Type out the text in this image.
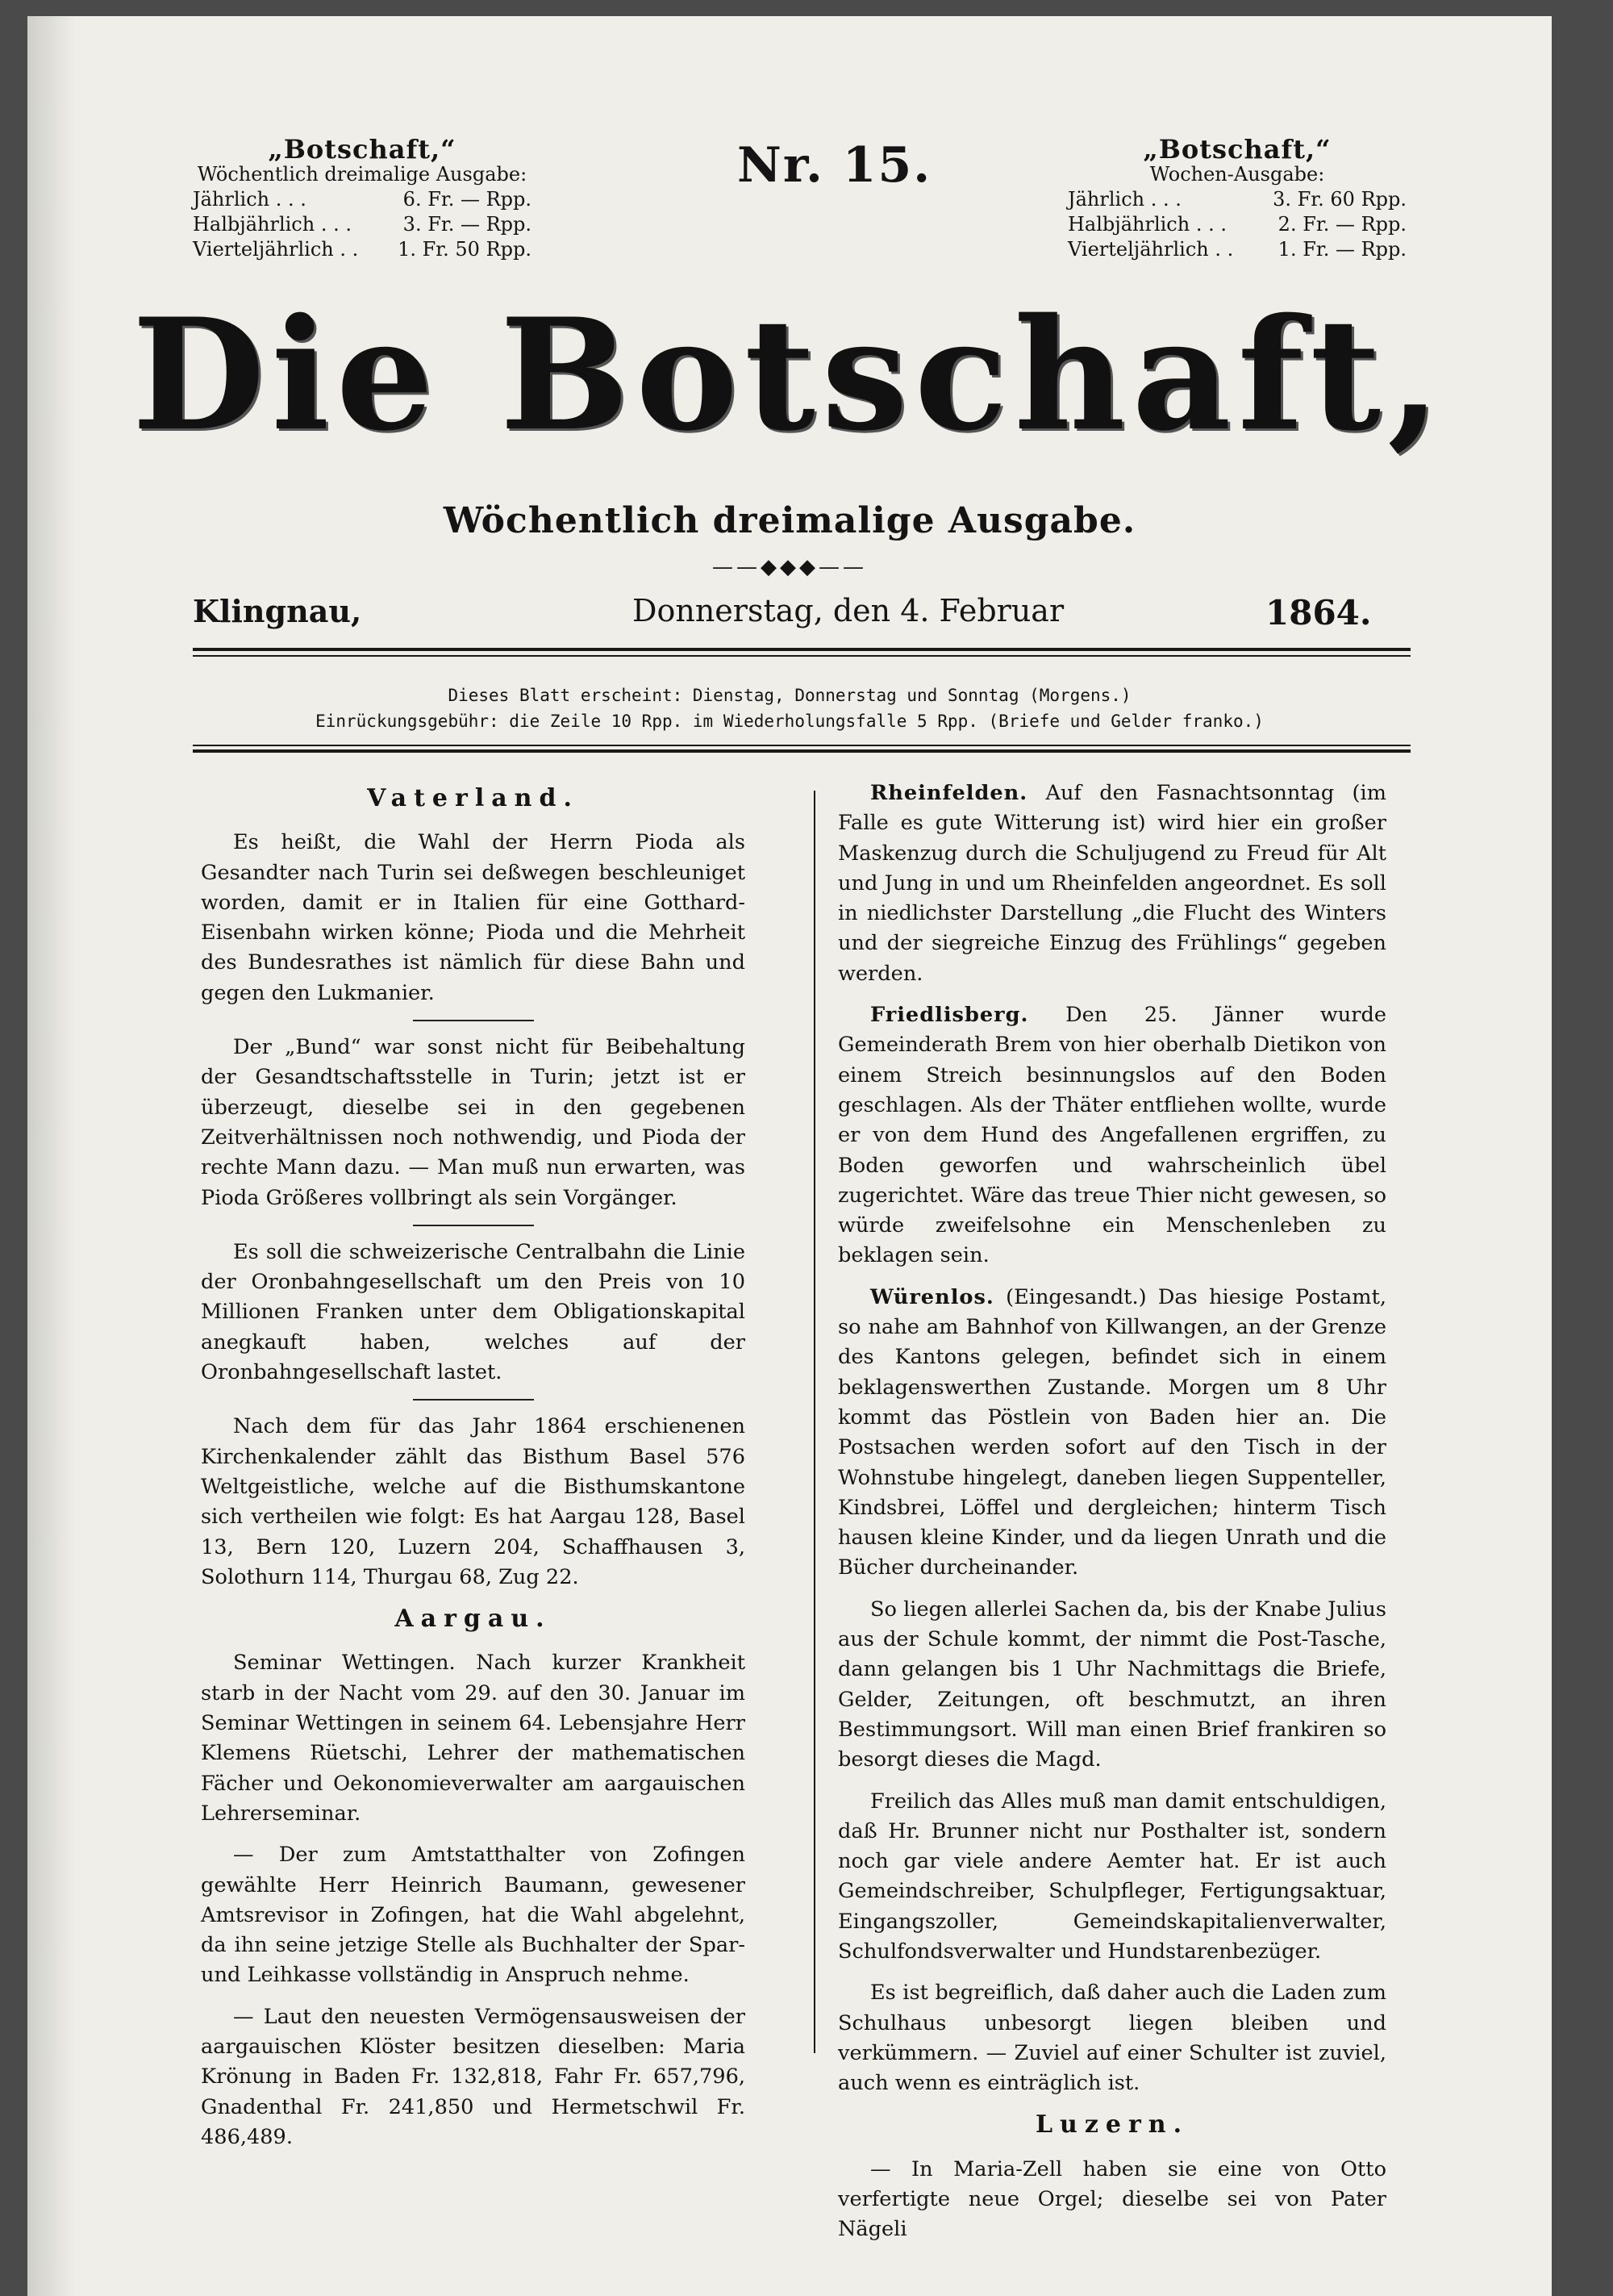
„Botschaft,“
Wöchentlich dreimalige Ausgabe:
Jährlich . . .	6. Fr. — Rpp.
Halbjährlich . . .	3. Fr. — Rpp.
Vierteljährlich . .	1. Fr. 50 Rpp.
Nr. 15.	„Botschaft,“
Wochen-Ausgabe:
Jährlich . . .	3. Fr. 60 Rpp.
Halbjährlich . . .	2. Fr. — Rpp.
Vierteljährlich . .	1. Fr. — Rpp.
Die Botschaft,
Wöchentlich dreimalige Ausgabe.
——◆◆◆——
Klingnau,	Donnerstag, den 4. Februar	1864.
Dieses Blatt erscheint: Dienstag, Donnerstag und Sonntag (Morgens.)
Einrückungsgebühr: die Zeile 10 Rpp. im Wiederholungsfalle 5 Rpp. (Briefe und Gelder franko.)
Vaterland.

Es heißt, die Wahl der Herrn Pioda als Gesandter nach Turin sei deßwegen beschleuniget worden, damit er in Italien für eine Gotthard-Eisenbahn wirken könne; Pioda und die Mehrheit des Bundesrathes ist nämlich für diese Bahn und gegen den Lukmanier.

Der „Bund“ war sonst nicht für Beibehaltung der Gesandtschaftsstelle in Turin; jetzt ist er überzeugt, dieselbe sei in den gegebenen Zeitverhältnissen noch nothwendig, und Pioda der rechte Mann dazu. — Man muß nun erwarten, was Pioda Größeres vollbringt als sein Vorgänger.

Es soll die schweizerische Centralbahn die Linie der Oronbahngesellschaft um den Preis von 10 Millionen Franken unter dem Obligationskapital anegkauft haben, welches auf der Oronbahngesellschaft lastet.

Nach dem für das Jahr 1864 erschienenen Kirchenkalender zählt das Bisthum Basel 576 Weltgeistliche, welche auf die Bisthumskantone sich vertheilen wie folgt: Es hat Aargau 128, Basel 13, Bern 120, Luzern 204, Schaffhausen 3, Solothurn 114, Thurgau 68, Zug 22.

Aargau.

Seminar Wettingen. Nach kurzer Krankheit starb in der Nacht vom 29. auf den 30. Januar im Seminar Wettingen in seinem 64. Lebensjahre Herr Klemens Rüetschi, Lehrer der mathematischen Fächer und Oekonomieverwalter am aargauischen Lehrerseminar.

— Der zum Amtstatthalter von Zofingen gewählte Herr Heinrich Baumann, gewesener Amtsrevisor in Zofingen, hat die Wahl abgelehnt, da ihn seine jetzige Stelle als Buchhalter der Spar- und Leihkasse vollständig in Anspruch nehme.

— Laut den neuesten Vermögensausweisen der aargauischen Klöster besitzen dieselben: Maria Krönung in Baden Fr. 132,818, Fahr Fr. 657,796, Gnadenthal Fr. 241,850 und Hermetschwil Fr. 486,489.

Rheinfelden. Auf den Fasnachtsonntag (im Falle es gute Witterung ist) wird hier ein großer Maskenzug durch die Schuljugend zu Freud für Alt und Jung in und um Rheinfelden angeordnet. Es soll in niedlichster Darstellung „die Flucht des Winters und der siegreiche Einzug des Frühlings“ gegeben werden.

Friedlisberg. Den 25. Jänner wurde Gemeinderath Brem von hier oberhalb Dietikon von einem Streich besinnungslos auf den Boden geschlagen. Als der Thäter entfliehen wollte, wurde er von dem Hund des Angefallenen ergriffen, zu Boden geworfen und wahrscheinlich übel zugerichtet. Wäre das treue Thier nicht gewesen, so würde zweifelsohne ein Menschenleben zu beklagen sein.

Würenlos. (Eingesandt.) Das hiesige Postamt, so nahe am Bahnhof von Killwangen, an der Grenze des Kantons gelegen, befindet sich in einem beklagenswerthen Zustande. Morgen um 8 Uhr kommt das Pöstlein von Baden hier an. Die Postsachen werden sofort auf den Tisch in der Wohnstube hingelegt, daneben liegen Suppenteller, Kindsbrei, Löffel und dergleichen; hinterm Tisch hausen kleine Kinder, und da liegen Unrath und die Bücher durcheinander.

So liegen allerlei Sachen da, bis der Knabe Julius aus der Schule kommt, der nimmt die Post-Tasche, dann gelangen bis 1 Uhr Nachmittags die Briefe, Gelder, Zeitungen, oft beschmutzt, an ihren Bestimmungsort. Will man einen Brief frankiren so besorgt dieses die Magd.

Freilich das Alles muß man damit entschuldigen, daß Hr. Brunner nicht nur Posthalter ist, sondern noch gar viele andere Aemter hat. Er ist auch Gemeindschreiber, Schulpfleger, Fertigungsaktuar, Eingangszoller, Gemeindskapitalienverwalter, Schulfondsverwalter und Hundstarenbezüger.

Es ist begreiflich, daß daher auch die Laden zum Schulhaus unbesorgt liegen bleiben und verkümmern. — Zuviel auf einer Schulter ist zuviel, auch wenn es einträglich ist.

Luzern.

— In Maria-Zell haben sie eine von Otto verfertigte neue Orgel; dieselbe sei von Pater Nägeli
